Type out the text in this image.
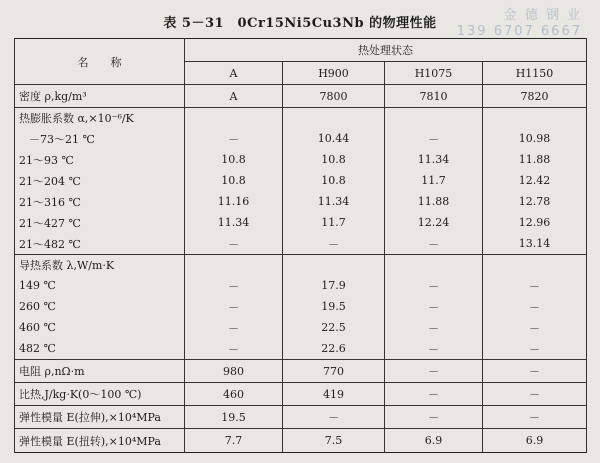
表 5－31　0Cr15Ni5Cu3Nb 的物理性能
金 德 钢 业
139 6707 6667
名　　称	热处理状态			
	A	H900	H1075	H1150
密度 ρ,kg/m³	A	7800	7810	7820
热膨胀系数 α,×10⁻⁶/K				
－73～21 ℃	－	10.44	－	10.98
21～93 ℃	10.8	10.8	11.34	11.88
21～204 ℃	10.8	10.8	11.7	12.42
21～316 ℃	11.16	11.34	11.88	12.78
21～427 ℃	11.34	11.7	12.24	12.96
21～482 ℃	－	－	－	13.14
导热系数 λ,W/m·K				
149 ℃	－	17.9	－	－
260 ℃	－	19.5	－	－
460 ℃	－	22.5	－	－
482 ℃	－	22.6	－	－
电阻 ρ,nΩ·m	980	770	－	－
比热,J/kg·K(0～100 ℃)	460	419	－	－
弹性模量 E(拉伸),×10⁴MPa	19.5	－	－	－
弹性模量 E(扭转),×10⁴MPa	7.7	7.5	6.9	6.9
